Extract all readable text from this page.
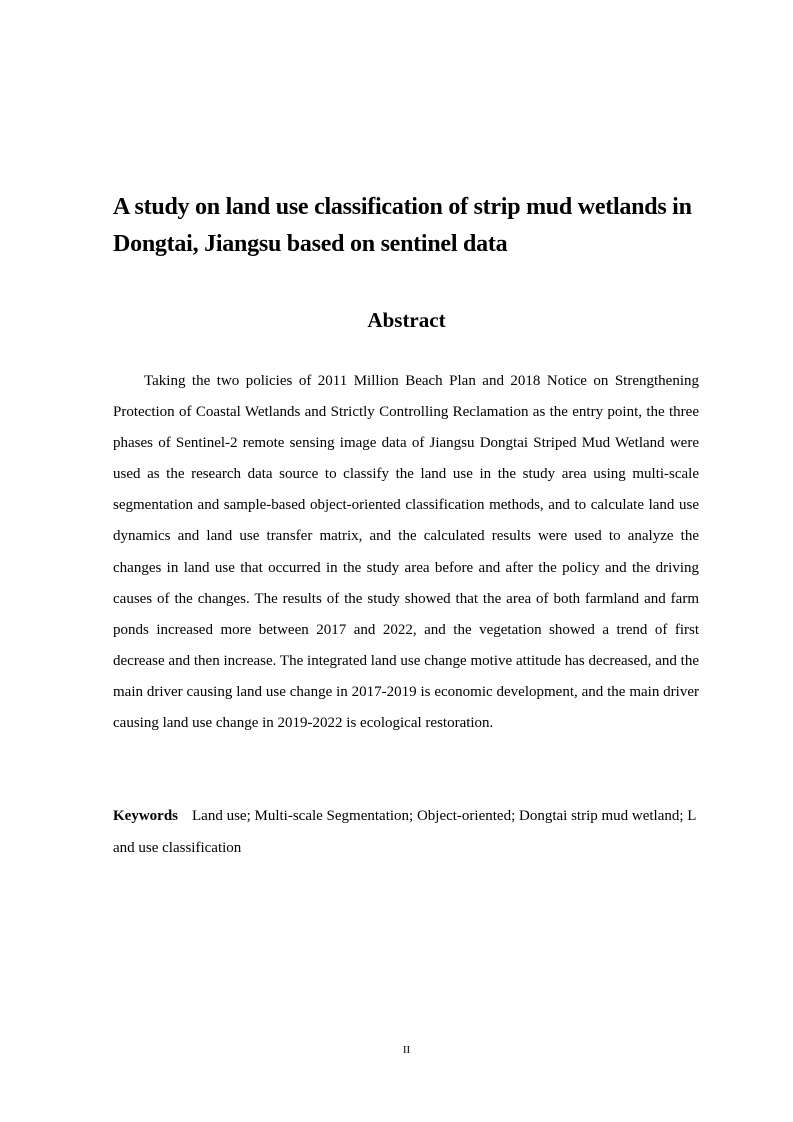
A study on land use classification of strip mud wetlands in Dongtai, Jiangsu based on sentinel data
Abstract

Taking the two policies of 2011 Million Beach Plan and 2018 Notice on Strengthening Protection of Coastal Wetlands and Strictly Controlling Reclamation as the entry point, the three phases of Sentinel-2 remote sensing image data of Jiangsu Dongtai Striped Mud Wetland were used as the research data source to classify the land use in the study area using multi-scale segmentation and sample-based object-oriented classification methods, and to calculate land use dynamics and land use transfer matrix, and the calculated results were used to analyze the changes in land use that occurred in the study area before and after the policy and the driving causes of the changes. The results of the study showed that the area of both farmland and farm ponds increased more between 2017 and 2022, and the vegetation showed a trend of first decrease and then increase. The integrated land use change motive attitude has decreased, and the main driver causing land use change in 2017-2019 is economic development, and the main driver causing land use change in 2019-2022 is ecological restoration.

Keywords Land use; Multi-scale Segmentation; Object-oriented; Dongtai strip mud wetland; Land use classification

II
